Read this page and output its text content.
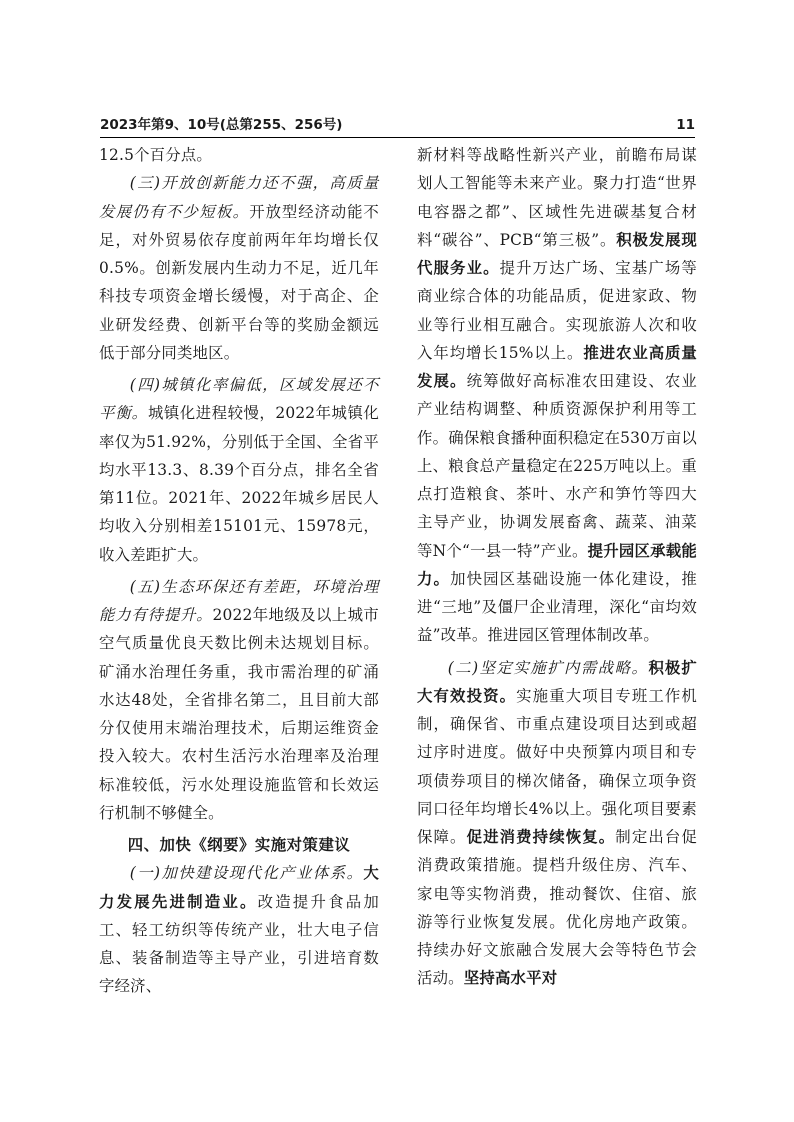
2023年第9、10号(总第255、256号)	11

12.5个百分点。

(三)开放创新能力还不强，高质量发展仍有不少短板。开放型经济动能不足，对外贸易依存度前两年年均增长仅0.5%。创新发展内生动力不足，近几年科技专项资金增长缓慢，对于高企、企业研发经费、创新平台等的奖励金额远低于部分同类地区。

(四)城镇化率偏低，区域发展还不平衡。城镇化进程较慢，2022年城镇化率仅为51.92%，分别低于全国、全省平均水平13.3、8.39个百分点，排名全省第11位。2021年、2022年城乡居民人均收入分别相差15101元、15978元，收入差距扩大。

(五)生态环保还有差距，环境治理能力有待提升。2022年地级及以上城市空气质量优良天数比例未达规划目标。矿涌水治理任务重，我市需治理的矿涌水达48处，全省排名第二，且目前大部分仅使用末端治理技术，后期运维资金投入较大。农村生活污水治理率及治理标准较低，污水处理设施监管和长效运行机制不够健全。

四、加快《纲要》实施对策建议

(一)加快建设现代化产业体系。大力发展先进制造业。改造提升食品加工、轻工纺织等传统产业，壮大电子信息、装备制造等主导产业，引进培育数字经济、

新材料等战略性新兴产业，前瞻布局谋划人工智能等未来产业。聚力打造“世界电容器之都”、区域性先进碳基复合材料“碳谷”、PCB“第三极”。积极发展现代服务业。提升万达广场、宝基广场等商业综合体的功能品质，促进家政、物业等行业相互融合。实现旅游人次和收入年均增长15%以上。推进农业高质量发展。统筹做好高标准农田建设、农业产业结构调整、种质资源保护利用等工作。确保粮食播种面积稳定在530万亩以上、粮食总产量稳定在225万吨以上。重点打造粮食、茶叶、水产和笋竹等四大主导产业，协调发展畜禽、蔬菜、油菜等N个“一县一特”产业。提升园区承载能力。加快园区基础设施一体化建设，推进“三地”及僵尸企业清理，深化“亩均效益”改革。推进园区管理体制改革。

(二)坚定实施扩内需战略。积极扩大有效投资。实施重大项目专班工作机制，确保省、市重点建设项目达到或超过序时进度。做好中央预算内项目和专项债券项目的梯次储备，确保立项争资同口径年均增长4%以上。强化项目要素保障。促进消费持续恢复。制定出台促消费政策措施。提档升级住房、汽车、家电等实物消费，推动餐饮、住宿、旅游等行业恢复发展。优化房地产政策。持续办好文旅融合发展大会等特色节会活动。坚持高水平对
